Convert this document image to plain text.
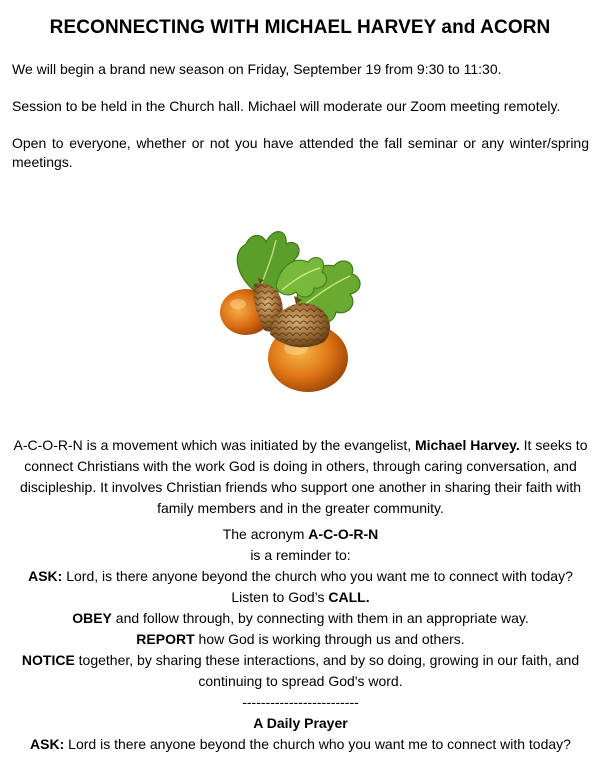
RECONNECTING WITH MICHAEL HARVEY and ACORN

We will begin a brand new season on Friday, September 19 from 9:30 to 11:30.

Session to be held in the Church hall. Michael will moderate our Zoom meeting remotely.

Open to everyone, whether or not you have attended the fall seminar or any winter/spring meetings.

A-C-O-R-N is a movement which was initiated by the evangelist, Michael Harvey. It seeks to connect Christians with the work God is doing in others, through caring conversation, and discipleship. It involves Christian friends who support one another in sharing their faith with family members and in the greater community.

The acronym A-C-O-R-N

is a reminder to:

ASK: Lord, is there anyone beyond the church who you want me to connect with today?

Listen to God’s CALL.

OBEY and follow through, by connecting with them in an appropriate way.

REPORT how God is working through us and others.

NOTICE together, by sharing these interactions, and by so doing, growing in our faith, and continuing to spread God's word.

-------------------------

A Daily Prayer

ASK: Lord is there anyone beyond the church who you want me to connect with today?
